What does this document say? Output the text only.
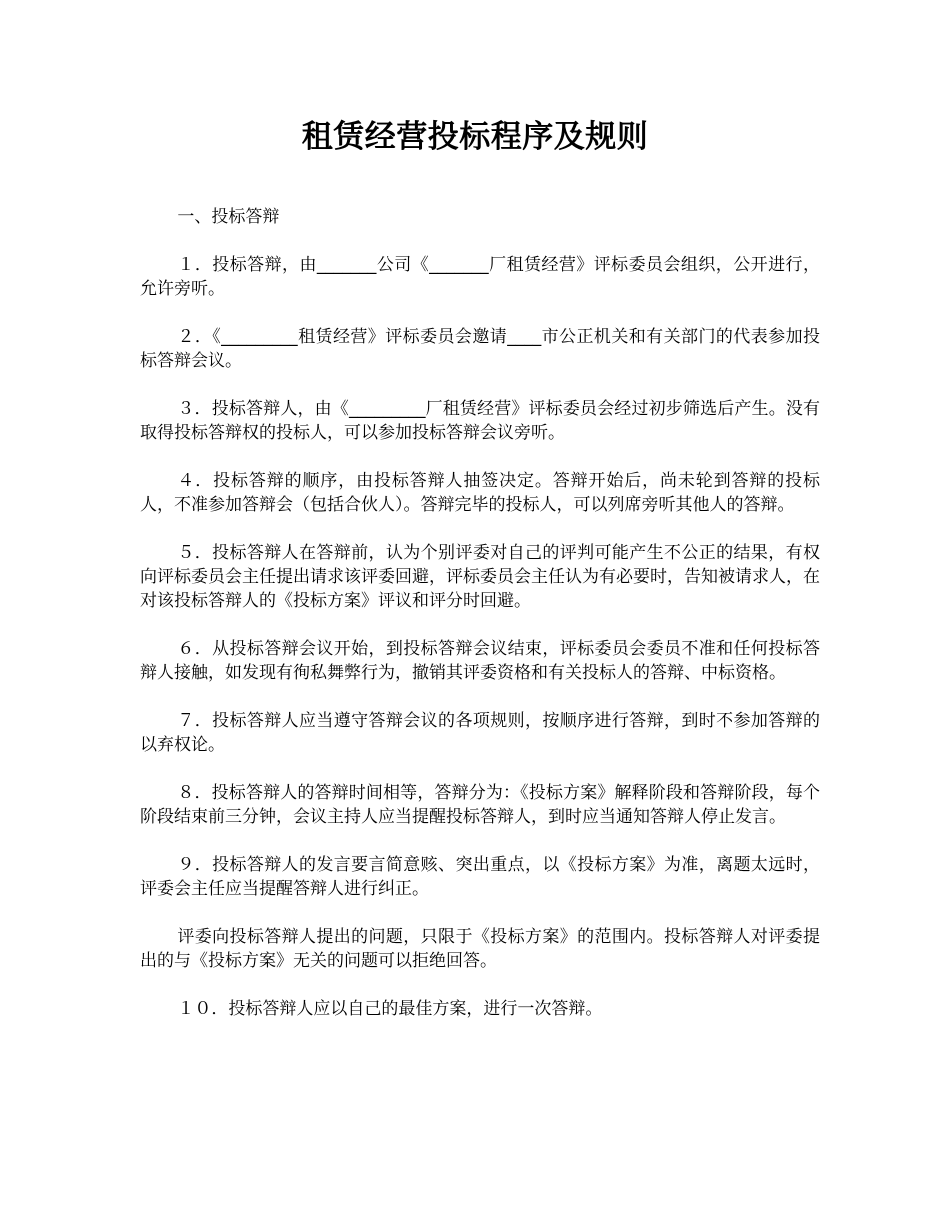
租赁经营投标程序及规则

一、投标答辩

１．投标答辩，由_______公司《_______厂租赁经营》评标委员会组织，公开进行，允许旁听。

２．《_________租赁经营》评标委员会邀请____市公正机关和有关部门的代表参加投标答辩会议。

３．投标答辩人，由《_________厂租赁经营》评标委员会经过初步筛选后产生。没有取得投标答辩权的投标人，可以参加投标答辩会议旁听。

４．投标答辩的顺序，由投标答辩人抽签决定。答辩开始后，尚未轮到答辩的投标人，不准参加答辩会（包括合伙人）。答辩完毕的投标人，可以列席旁听其他人的答辩。

５．投标答辩人在答辩前，认为个别评委对自己的评判可能产生不公正的结果，有权向评标委员会主任提出请求该评委回避，评标委员会主任认为有必要时，告知被请求人，在对该投标答辩人的《投标方案》评议和评分时回避。

６．从投标答辩会议开始，到投标答辩会议结束，评标委员会委员不准和任何投标答辩人接触，如发现有徇私舞弊行为，撤销其评委资格和有关投标人的答辩、中标资格。

７．投标答辩人应当遵守答辩会议的各项规则，按顺序进行答辩，到时不参加答辩的以弃权论。

８．投标答辩人的答辩时间相等，答辩分为：《投标方案》解释阶段和答辩阶段，每个阶段结束前三分钟，会议主持人应当提醒投标答辩人，到时应当通知答辩人停止发言。

９．投标答辩人的发言要言简意赅、突出重点，以《投标方案》为准，离题太远时，评委会主任应当提醒答辩人进行纠正。

评委向投标答辩人提出的问题，只限于《投标方案》的范围内。投标答辩人对评委提出的与《投标方案》无关的问题可以拒绝回答。

１０．投标答辩人应以自己的最佳方案，进行一次答辩。
